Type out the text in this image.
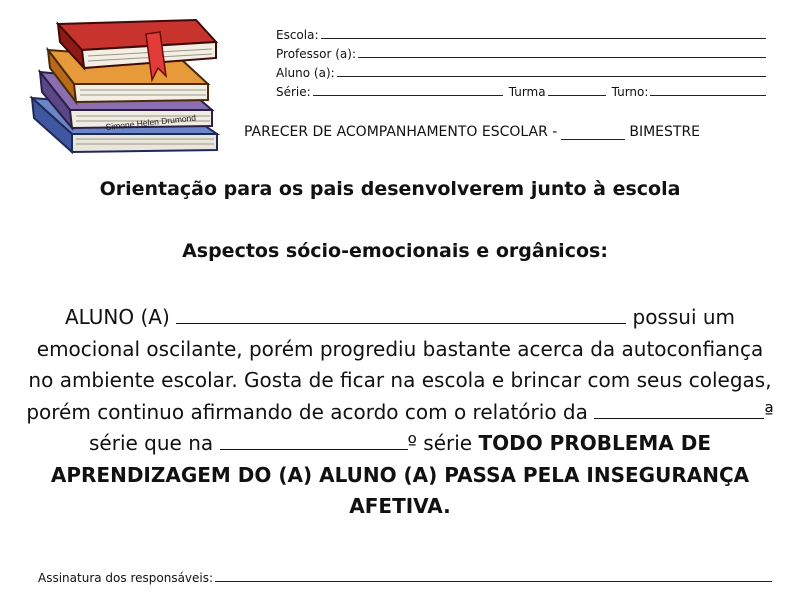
Simone Helen Drumond
Escola:
Professor (a):
Aluno (a):
Série:	Turma	Turno:
PARECER DE ACOMPANHAMENTO ESCOLAR -	BIMESTRE
Orientação para os pais desenvolverem junto à escola
Aspectos sócio-emocionais e orgânicos:
ALUNO (A)	possui um emocional oscilante, porém progrediu bastante acerca da autoconfiança no ambiente escolar. Gosta de ficar na escola e brincar com seus colegas, porém continuo afirmando de acordo com o relatório da	ª série que na	º série TODO PROBLEMA DE APRENDIZAGEM DO (A) ALUNO (A) PASSA PELA INSEGURANÇA AFETIVA.
Assinatura dos responsáveis:
